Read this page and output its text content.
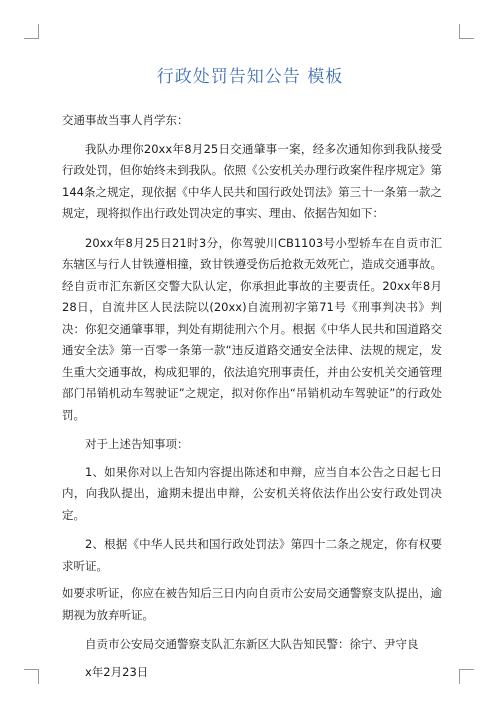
行政处罚告知公告 模板

交通事故当事人肖学东：

我队办理你20xx年8月25日交通肇事一案，经多次通知你到我队接受行政处罚，但你始终未到我队。依照《公安机关办理行政案件程序规定》第144条之规定，现依据《中华人民共和国行政处罚法》第三十一条第一款之规定，现将拟作出行政处罚决定的事实、理由、依据告知如下：

20xx年8月25日21时3分，你驾驶川CB1103号小型轿车在自贡市汇东辖区与行人甘铁遵相撞，致甘铁遵受伤后抢救无效死亡，造成交通事故。经自贡市汇东新区交警大队认定，你承担此事故的主要责任。20xx年8月28日，自流井区人民法院以(20xx)自流刑初字第71号《刑事判决书》判决：你犯交通肇事罪，判处有期徒刑六个月。根据《中华人民共和国道路交通安全法》第一百零一条第一款“违反道路交通安全法律、法规的规定，发生重大交通事故，构成犯罪的，依法追究刑事责任，并由公安机关交通管理部门吊销机动车驾驶证”之规定，拟对你作出“吊销机动车驾驶证”的行政处罚。

对于上述告知事项：

1、如果你对以上告知内容提出陈述和申辩，应当自本公告之日起七日内，向我队提出，逾期未提出申辩，公安机关将依法作出公安行政处罚决定。

2、根据《中华人民共和国行政处罚法》第四十二条之规定，你有权要求听证。

如要求听证，你应在被告知后三日内向自贡市公安局交通警察支队提出，逾期视为放弃听证。

自贡市公安局交通警察支队汇东新区大队告知民警：徐宁、尹守良

x年2月23日
